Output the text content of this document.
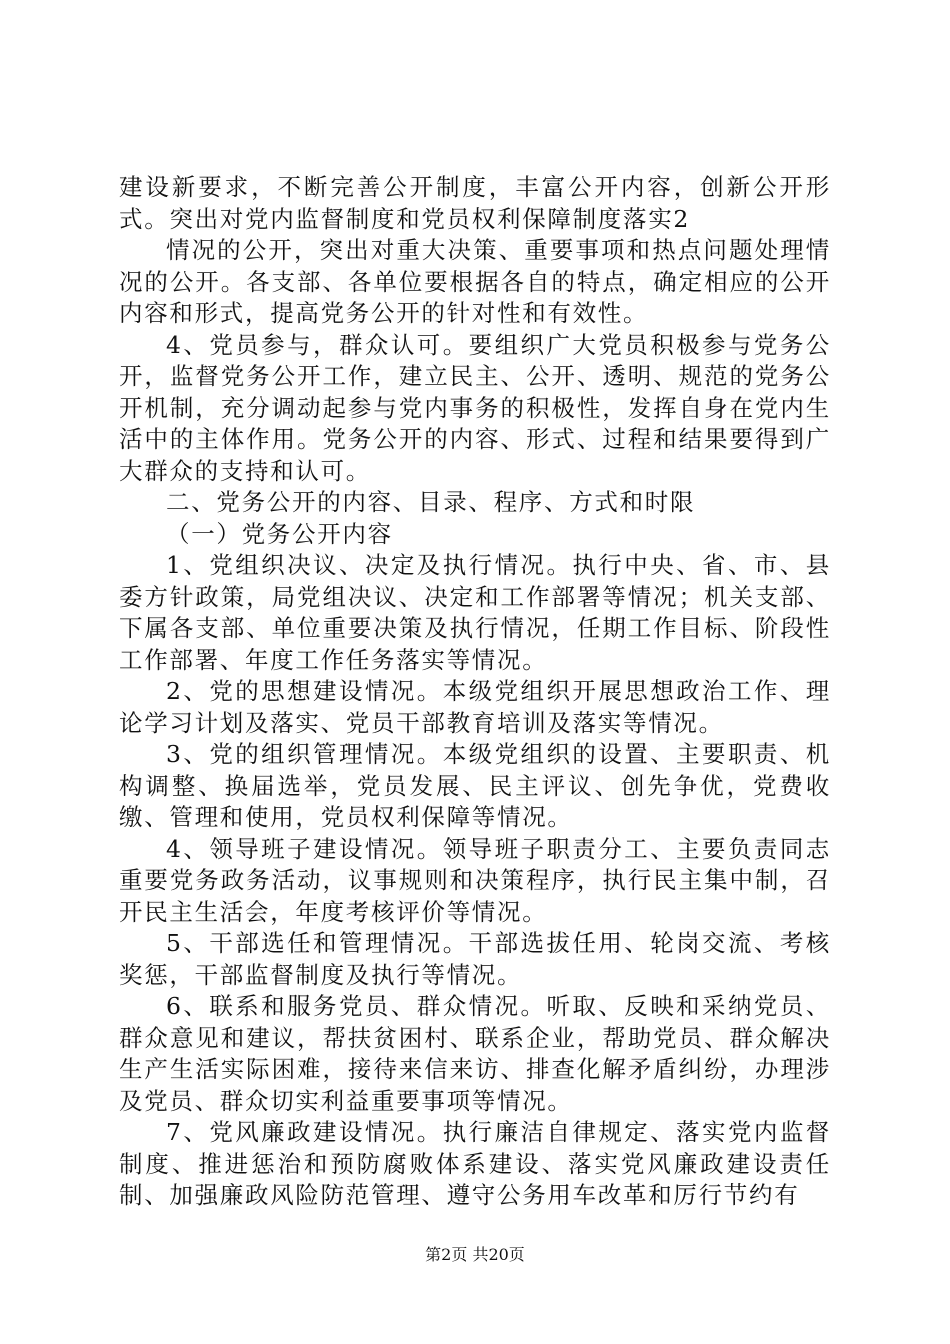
建设新要求，不断完善公开制度，丰富公开内容，创新公开形式。突出对党内监督制度和党员权利保障制度落实2

情况的公开，突出对重大决策、重要事项和热点问题处理情况的公开。各支部、各单位要根据各自的特点，确定相应的公开内容和形式，提高党务公开的针对性和有效性。

4、党员参与，群众认可。要组织广大党员积极参与党务公开，监督党务公开工作，建立民主、公开、透明、规范的党务公开机制，充分调动起参与党内事务的积极性，发挥自身在党内生活中的主体作用。党务公开的内容、形式、过程和结果要得到广大群众的支持和认可。

二、党务公开的内容、目录、程序、方式和时限

（一）党务公开内容

1、党组织决议、决定及执行情况。执行中央、省、市、县委方针政策，局党组决议、决定和工作部署等情况；机关支部、下属各支部、单位重要决策及执行情况，任期工作目标、阶段性工作部署、年度工作任务落实等情况。

2、党的思想建设情况。本级党组织开展思想政治工作、理论学习计划及落实、党员干部教育培训及落实等情况。

3、党的组织管理情况。本级党组织的设置、主要职责、机构调整、换届选举，党员发展、民主评议、创先争优，党费收缴、管理和使用，党员权利保障等情况。

4、领导班子建设情况。领导班子职责分工、主要负责同志重要党务政务活动，议事规则和决策程序，执行民主集中制，召开民主生活会，年度考核评价等情况。

5、干部选任和管理情况。干部选拔任用、轮岗交流、考核奖惩，干部监督制度及执行等情况。

6、联系和服务党员、群众情况。听取、反映和采纳党员、群众意见和建议，帮扶贫困村、联系企业，帮助党员、群众解决生产生活实际困难，接待来信来访、排查化解矛盾纠纷，办理涉及党员、群众切实利益重要事项等情况。

7、党风廉政建设情况。执行廉洁自律规定、落实党内监督制度、推进惩治和预防腐败体系建设、落实党风廉政建设责任制、加强廉政风险防范管理、遵守公务用车改革和厉行节约有

第2页 共20页
